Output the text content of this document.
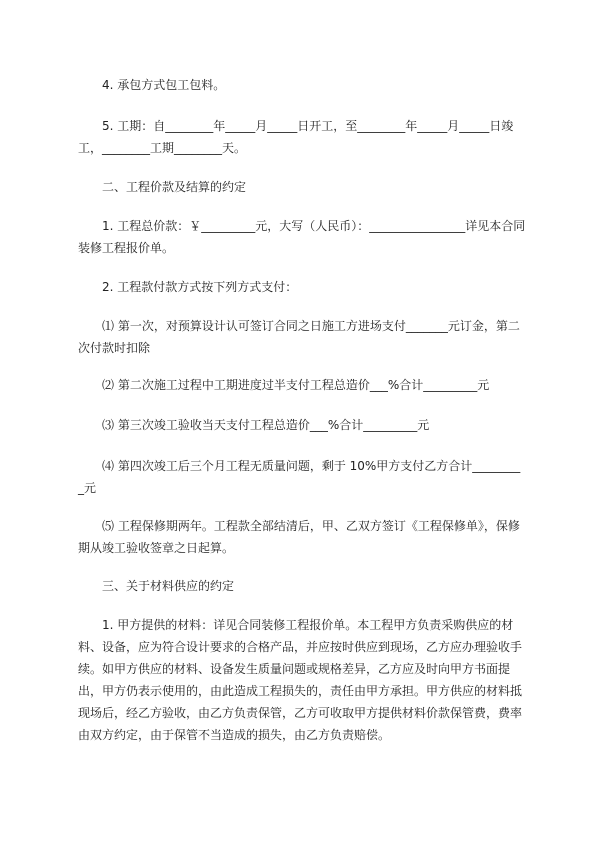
4. 承包方式包工包料。

5. 工期：自________年_____月_____日开工，至________年_____月_____日竣工，________工期________天。

二、工程价款及结算的约定

1. 工程总价款：￥_________元，大写（人民币）：________________详见本合同装修工程报价单。

2. 工程款付款方式按下列方式支付：

⑴ 第一次，对预算设计认可签订合同之日施工方进场支付_______元订金，第二次付款时扣除

⑵ 第二次施工过程中工期进度过半支付工程总造价___%合计_________元

⑶ 第三次竣工验收当天支付工程总造价___%合计_________元

⑷ 第四次竣工后三个月工程无质量问题，剩于 10%甲方支付乙方合计_________元

⑸ 工程保修期两年。工程款全部结清后，甲、乙双方签订《工程保修单》，保修期从竣工验收签章之日起算。

三、关于材料供应的约定

1. 甲方提供的材料：详见合同装修工程报价单。本工程甲方负责采购供应的材料、设备，应为符合设计要求的合格产品，并应按时供应到现场，乙方应办理验收手续。如甲方供应的材料、设备发生质量问题或规格差异，乙方应及时向甲方书面提出，甲方仍表示使用的，由此造成工程损失的，责任由甲方承担。甲方供应的材料抵现场后，经乙方验收，由乙方负责保管，乙方可收取甲方提供材料价款保管费，费率由双方约定，由于保管不当造成的损失，由乙方负责赔偿。
